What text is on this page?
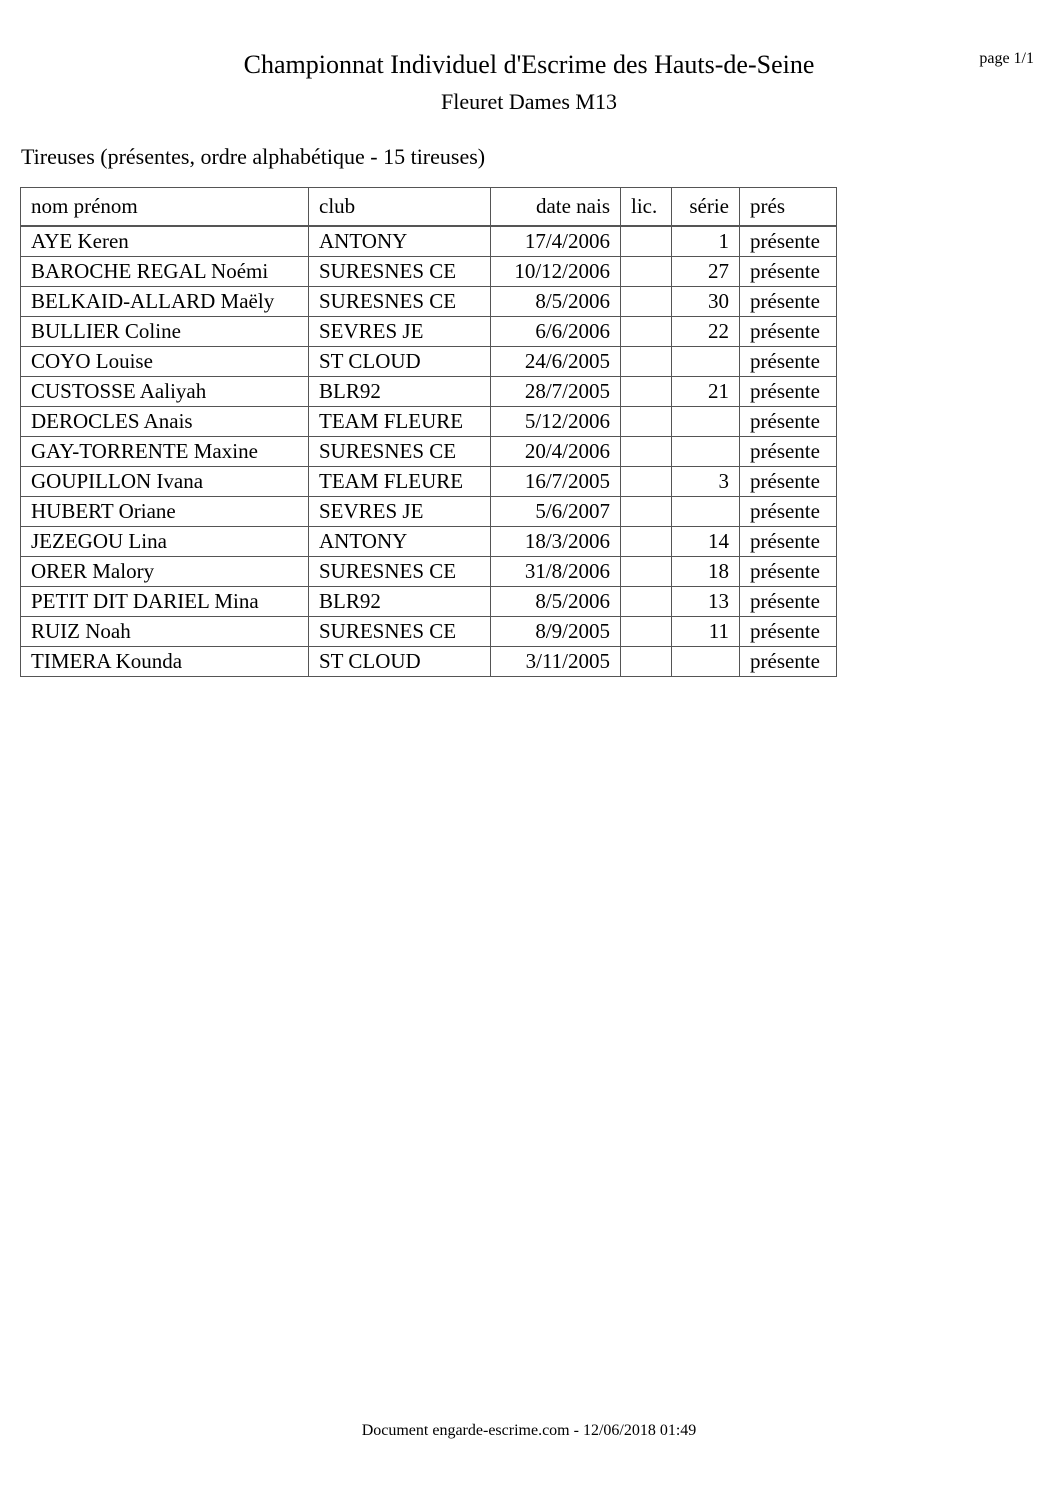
page 1/1
Championnat Individuel d'Escrime des Hauts-de-Seine
Fleuret Dames M13
Tireuses (présentes, ordre alphabétique - 15 tireuses)
nom prénom	club	date nais	lic.	série	prés
AYE Keren	ANTONY	17/4/2006		1	présente
BAROCHE REGAL Noémi	SURESNES CE	10/12/2006		27	présente
BELKAID-ALLARD Maëly	SURESNES CE	8/5/2006		30	présente
BULLIER Coline	SEVRES JE	6/6/2006		22	présente
COYO Louise	ST CLOUD	24/6/2005			présente
CUSTOSSE Aaliyah	BLR92	28/7/2005		21	présente
DEROCLES Anais	TEAM FLEURE	5/12/2006			présente
GAY-TORRENTE Maxine	SURESNES CE	20/4/2006			présente
GOUPILLON Ivana	TEAM FLEURE	16/7/2005		3	présente
HUBERT Oriane	SEVRES JE	5/6/2007			présente
JEZEGOU Lina	ANTONY	18/3/2006		14	présente
ORER Malory	SURESNES CE	31/8/2006		18	présente
PETIT DIT DARIEL Mina	BLR92	8/5/2006		13	présente
RUIZ Noah	SURESNES CE	8/9/2005		11	présente
TIMERA Kounda	ST CLOUD	3/11/2005			présente
Document engarde-escrime.com - 12/06/2018 01:49
